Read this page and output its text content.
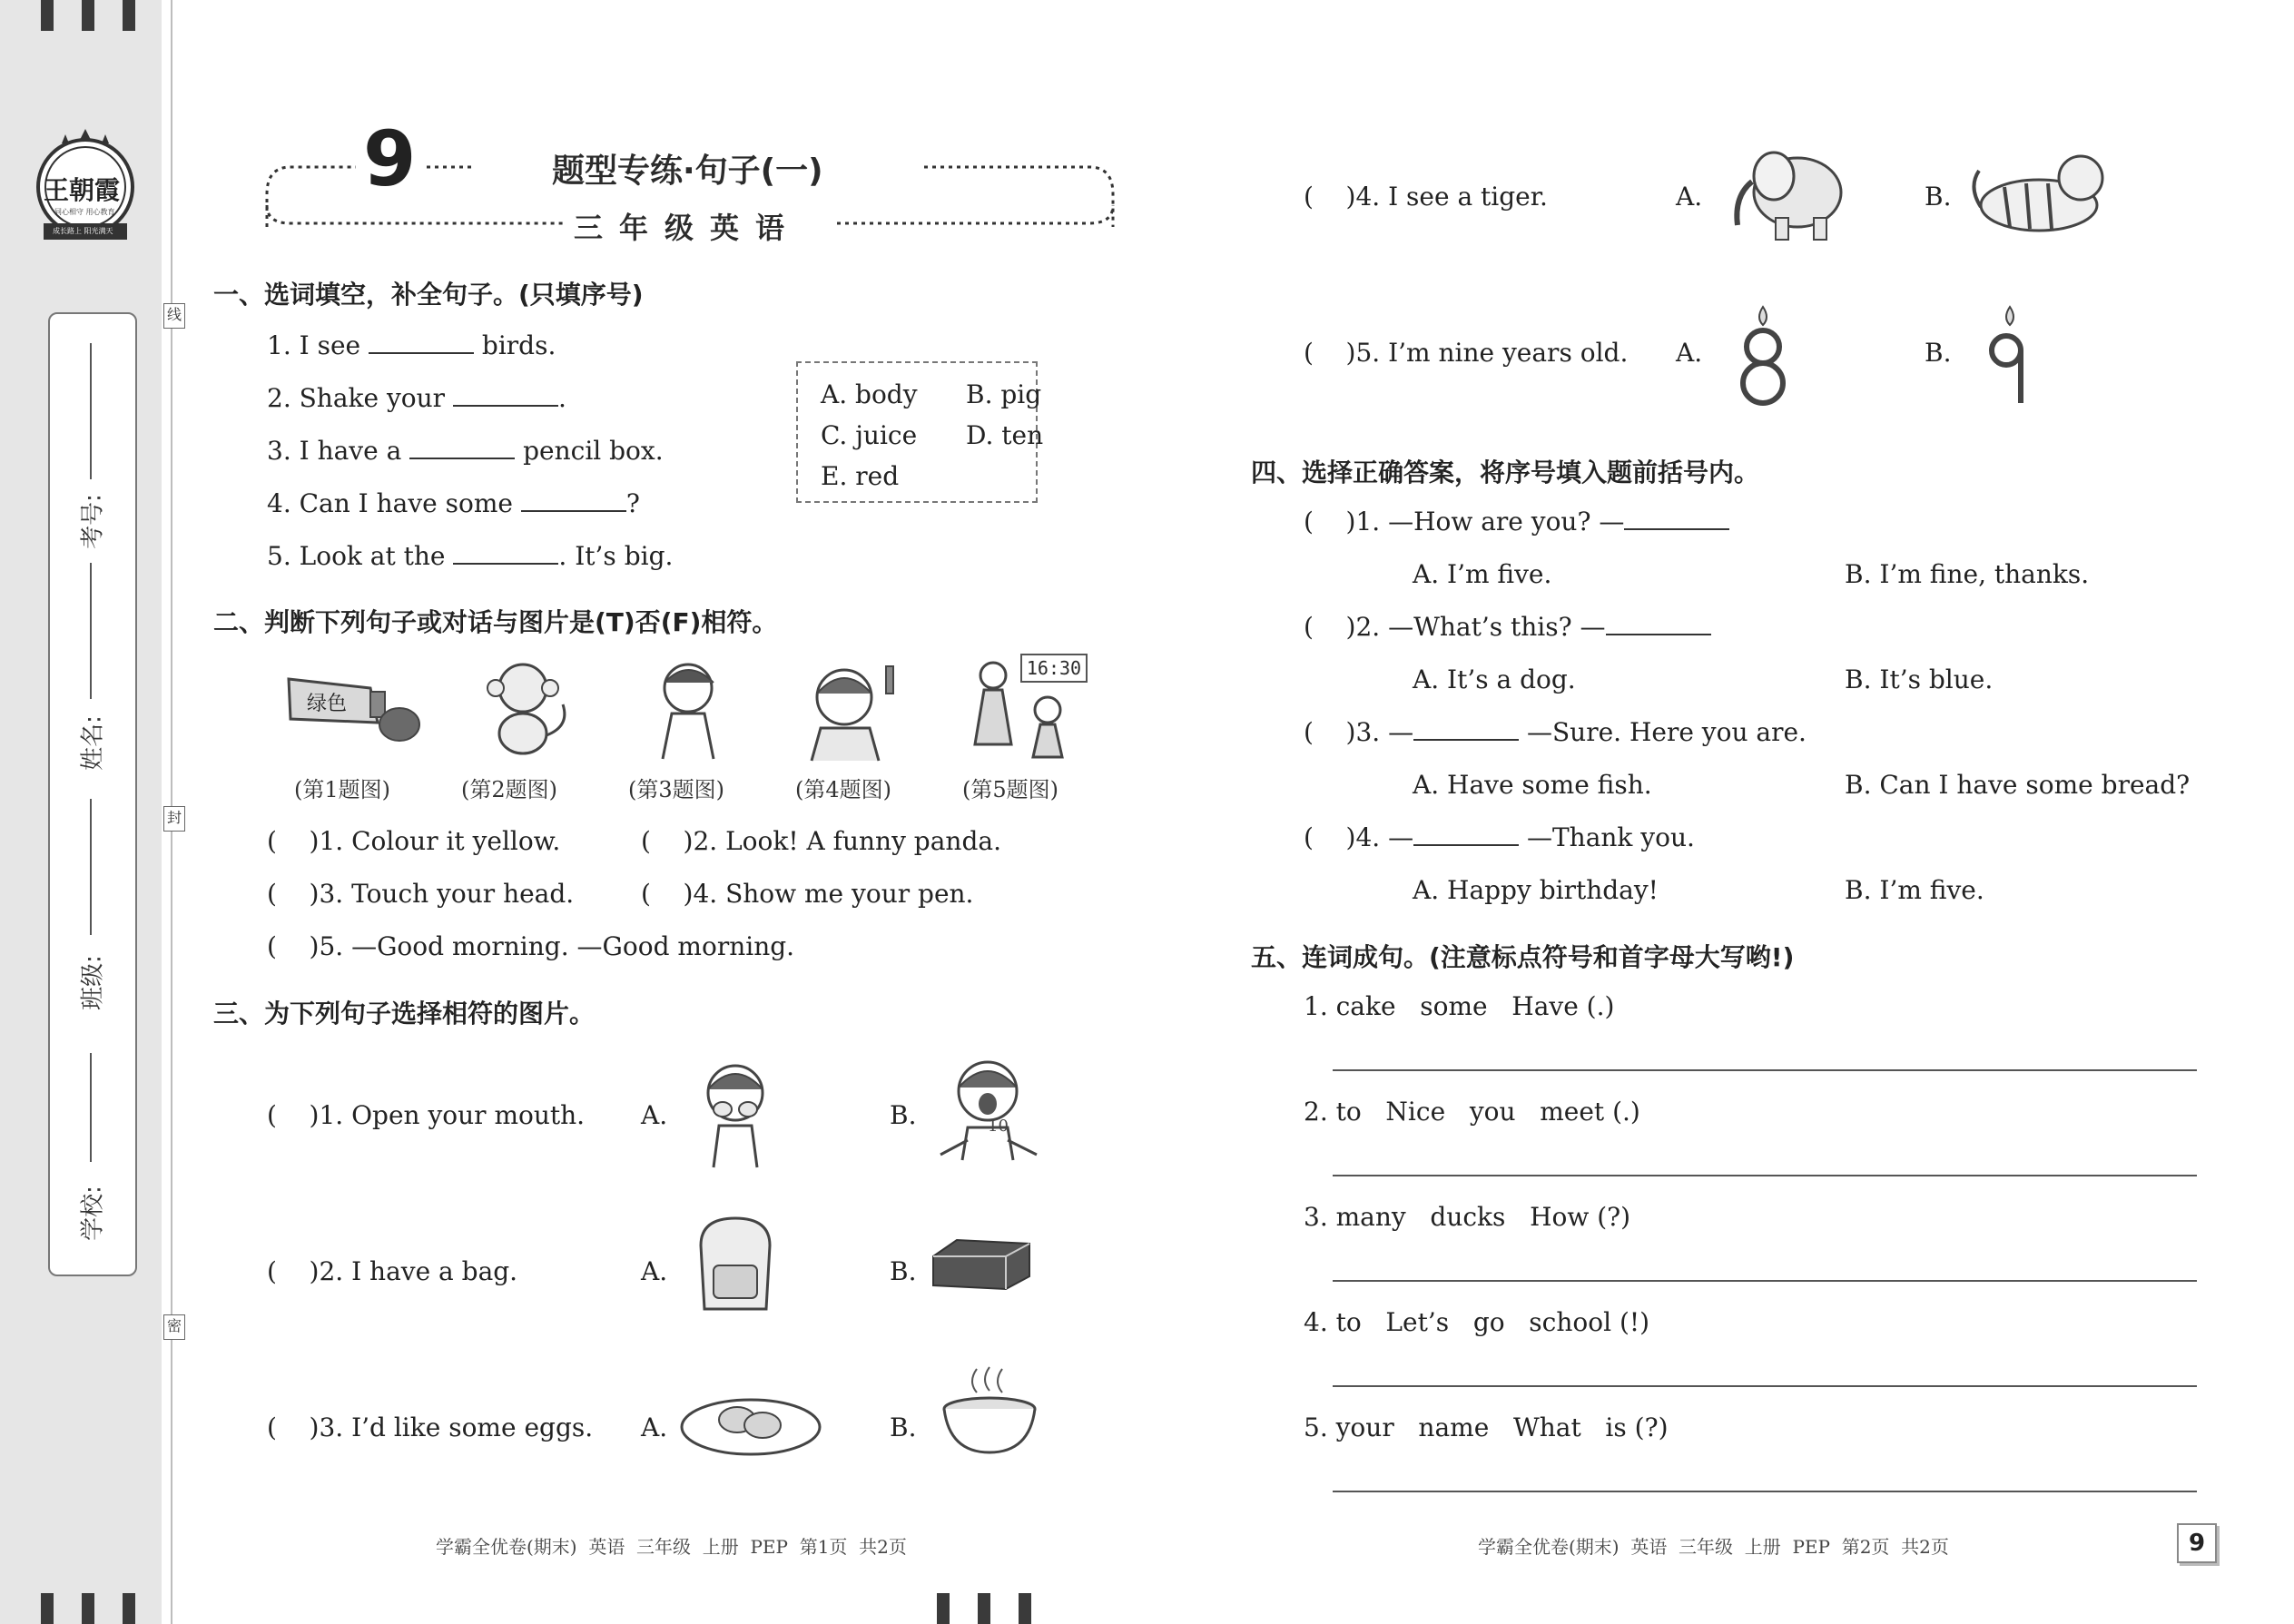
王朝霞
同心相守 用心教育
成长路上 阳光满天
学校:
班级:
姓名:
考号:
线
封
密
9	题型专练·句子(一)
三年级英语
一、选词填空，补全句子。(只填序号)
1. I see	birds.
2. Shake your	.
3. I have a	pencil box.
4. Can I have some	?
5. Look at the	. It’s big.
A. body B. pig
C. juice D. ten
E. red
二、判断下列句子或对话与图片是(T)否(F)相符。
绿色
16:30
(第1题图)	(第2题图)	(第3题图)	(第4题图)	(第5题图)
(    )1. Colour it yellow.	(    )2. Look! A funny panda.
(    )3. Touch your head.	(    )4. Show me your pen.
(    )5. —Good morning. —Good morning.
三、为下列句子选择相符的图片。
(    )1. Open your mouth. A.	B.	10
(    )2. I have a bag.	A.	B.
(    )3. I’d like some eggs. A.	B.
(    )4. I see a tiger.	A.	B.
(    )5. I’m nine years old. A.	B.
四、选择正确答案，将序号填入题前括号内。
(    )1. —How are you? —
A. I’m five.	B. I’m fine, thanks.
(    )2. —What’s this? —
A. It’s a dog.	B. It’s blue.
(    )3. —	—Sure. Here you are.
A. Have some fish.	B. Can I have some bread?
(    )4. —	—Thank you.
A. Happy birthday!	B. I’m five.
五、连词成句。(注意标点符号和首字母大写哟!)
1. cake   some   Have (.)
2. to   Nice   you   meet (.)
3. many   ducks   How (?)
4. to   Let’s   go   school (!)
5. your   name   What   is (?)
学霸全优卷(期末)  英语  三年级  上册  PEP  第1页  共2页	学霸全优卷(期末)  英语  三年级  上册  PEP  第2页  共2页	9
